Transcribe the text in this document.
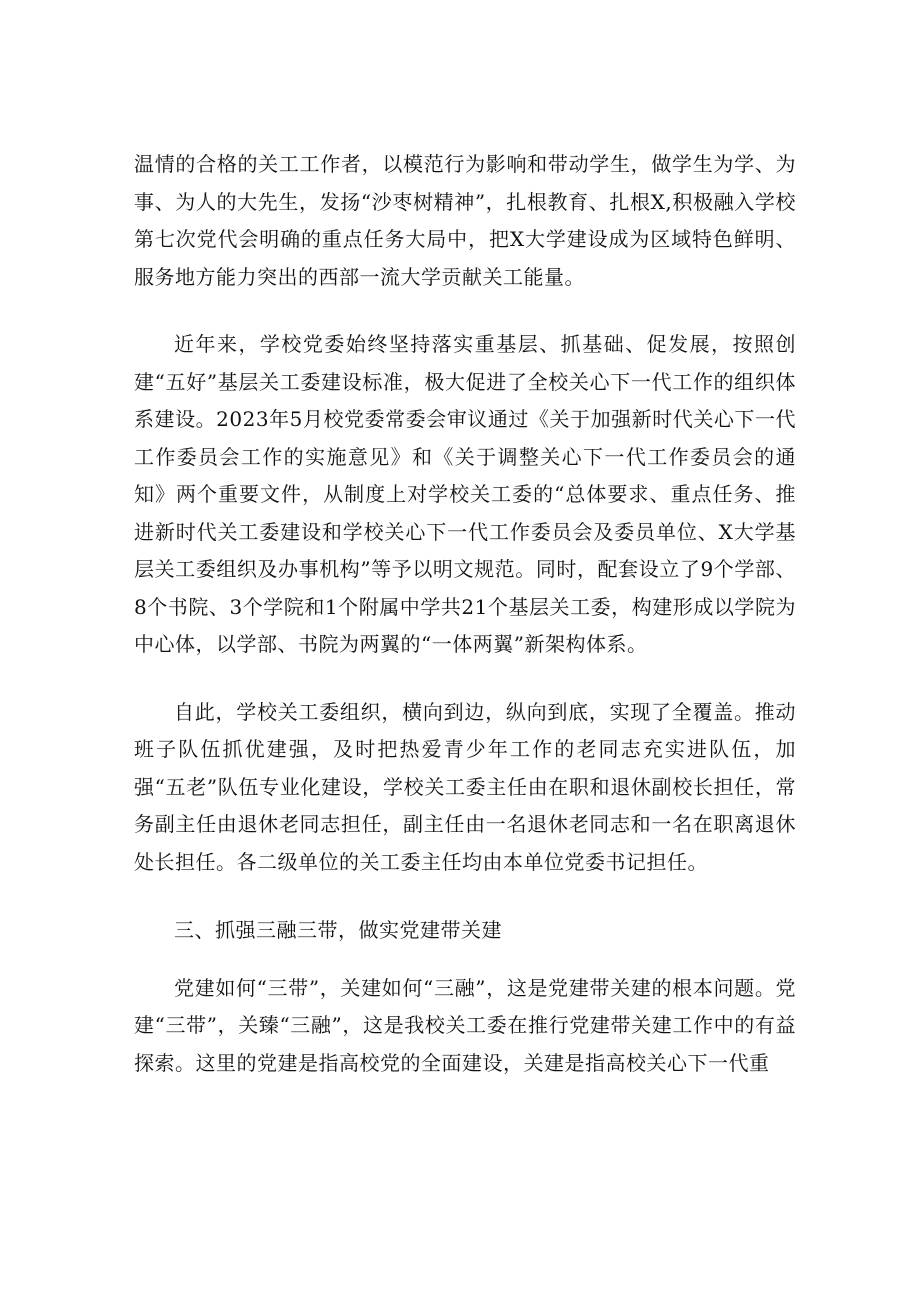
温情的合格的关工工作者，以模范行为影响和带动学生，做学生为学、为事、为人的大先生，发扬“沙枣树精神”，扎根教育、扎根X,积极融入学校第七次党代会明确的重点任务大局中，把X大学建设成为区域特色鲜明、服务地方能力突出的西部一流大学贡献关工能量。

近年来，学校党委始终坚持落实重基层、抓基础、促发展，按照创建“五好”基层关工委建设标准，极大促进了全校关心下一代工作的组织体系建设。2023年5月校党委常委会审议通过《关于加强新时代关心下一代工作委员会工作的实施意见》和《关于调整关心下一代工作委员会的通知》两个重要文件，从制度上对学校关工委的“总体要求、重点任务、推进新时代关工委建设和学校关心下一代工作委员会及委员单位、X大学基层关工委组织及办事机构”等予以明文规范。同时，配套设立了9个学部、8个书院、3个学院和1个附属中学共21个基层关工委，构建形成以学院为中心体，以学部、书院为两翼的“一体两翼”新架构体系。

自此，学校关工委组织，横向到边，纵向到底，实现了全覆盖。推动班子队伍抓优建强，及时把热爱青少年工作的老同志充实进队伍，加强“五老”队伍专业化建设，学校关工委主任由在职和退休副校长担任，常务副主任由退休老同志担任，副主任由一名退休老同志和一名在职离退休处长担任。各二级单位的关工委主任均由本单位党委书记担任。

三、抓强三融三带，做实党建带关建

党建如何“三带”，关建如何“三融”，这是党建带关建的根本问题。党建“三带”，关臻“三融”，这是我校关工委在推行党建带关建工作中的有益探索。这里的党建是指高校党的全面建设，关建是指高校关心下一代重
